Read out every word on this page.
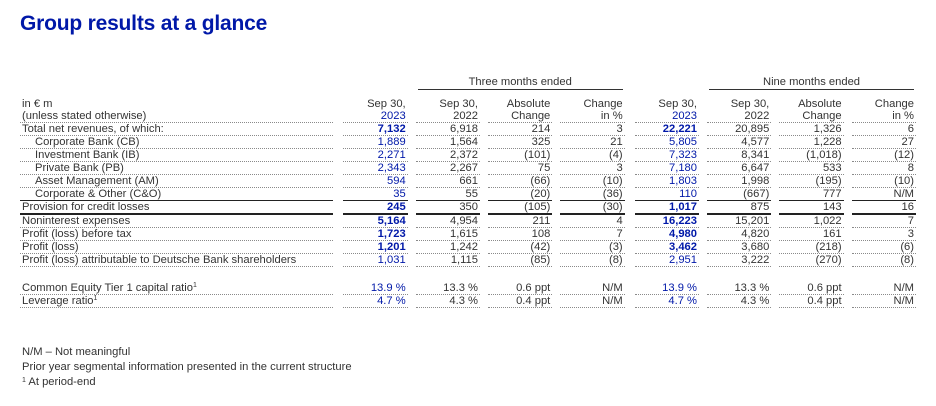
Group results at a glance

				Three months ended								Nine months ended				

in € m		Sep 30,		Sep 30,		Absolute		Change		Sep 30,		Sep 30,		Absolute		Change
(unless stated otherwise)		2023		2022		Change		in %		2023		2022		Change		in %
Total net revenues, of which:		7,132		6,918		214		3		22,221		20,895		1,326		6
Corporate Bank (CB)		1,889		1,564		325		21		5,805		4,577		1,228		27
Investment Bank (IB)		2,271		2,372		(101)		(4)		7,323		8,341		(1,018)		(12)
Private Bank (PB)		2,343		2,267		75		3		7,180		6,647		533		8
Asset Management (AM)		594		661		(66)		(10)		1,803		1,998		(195)		(10)
Corporate & Other (C&O)		35		55		(20)		(36)		110		(667)		777		N/M
Provision for credit losses		245		350		(105)		(30)		1,017		875		143		16
Noninterest expenses		5,164		4,954		211		4		16,223		15,201		1,022		7
Profit (loss) before tax		1,723		1,615		108		7		4,980		4,820		161		3
Profit (loss)		1,201		1,242		(42)		(3)		3,462		3,680		(218)		(6)
Profit (loss) attributable to Deutsche Bank shareholders		1,031		1,115		(85)		(8)		2,951		3,222		(270)		(8)

Common Equity Tier 1 capital ratio$^1$		13.9 %		13.3 %		0.6 ppt		N/M		13.9 %		13.3 %		0.6 ppt		N/M
Leverage ratio$^1$		4.7 %		4.3 %		0.4 ppt		N/M		4.7 %		4.3 %		0.4 ppt		N/M
N/M – Not meaningful
Prior year segmental information presented in the current structure
$^1$ At period-end
